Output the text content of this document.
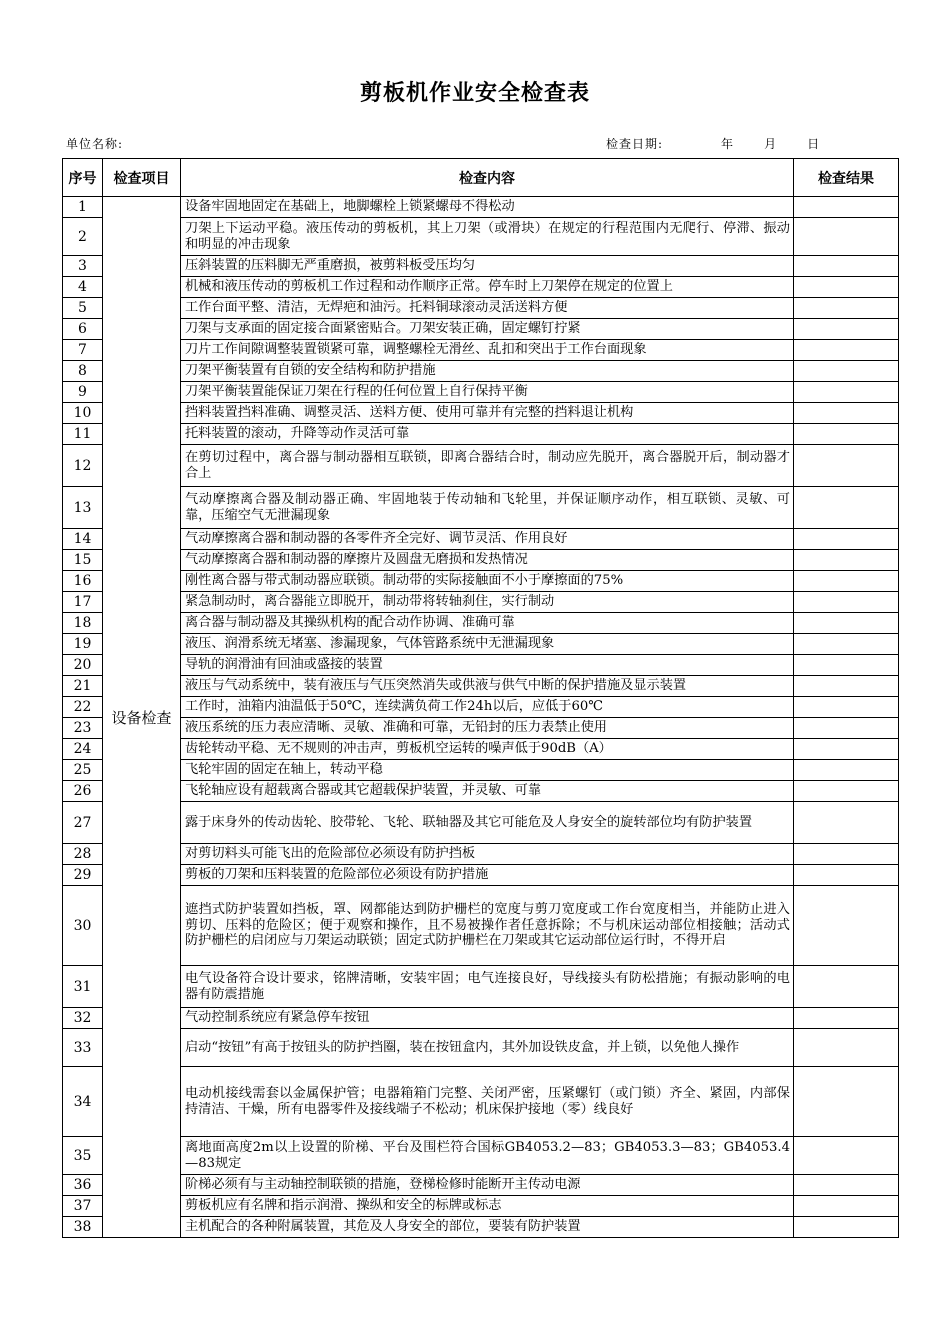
剪板机作业安全检查表
单位名称:	检查日期:	年	月	日
序号	检查项目	检查内容	检查结果
1	设备检查	设备牢固地固定在基础上，地脚螺栓上锁紧螺母不得松动	
2		刀架上下运动平稳。液压传动的剪板机，其上刀架（或滑块）在规定的行程范围内无爬行、停滞、振动和明显的冲击现象	
3		压斜装置的压料脚无严重磨损，被剪料板受压均匀	
4		机械和液压传动的剪板机工作过程和动作顺序正常。停车时上刀架停在规定的位置上	
5		工作台面平整、清洁，无焊疤和油污。托料铜球滚动灵活送料方便	
6		刀架与支承面的固定接合面紧密贴合。刀架安装正确，固定螺钉拧紧	
7		刀片工作间隙调整装置锁紧可靠，调整螺栓无滑丝、乱扣和突出于工作台面现象	
8		刀架平衡装置有自锁的安全结构和防护措施	
9		刀架平衡装置能保证刀架在行程的任何位置上自行保持平衡	
10		挡料装置挡料准确、调整灵活、送料方便、使用可靠并有完整的挡料退让机构	
11		托料装置的滚动，升降等动作灵活可靠	
12		在剪切过程中，离合器与制动器相互联锁，即离合器结合时，制动应先脱开，离合器脱开后，制动器才合上	
13		气动摩擦离合器及制动器正确、牢固地装于传动轴和飞轮里，并保证顺序动作，相互联锁、灵敏、可靠，压缩空气无泄漏现象	
14		气动摩擦离合器和制动器的各零件齐全完好、调节灵活、作用良好	
15		气动摩擦离合器和制动器的摩擦片及圆盘无磨损和发热情况	
16		刚性离合器与带式制动器应联锁。制动带的实际接触面不小于摩擦面的75%	
17		紧急制动时，离合器能立即脱开，制动带将转轴刹住，实行制动	
18		离合器与制动器及其操纵机构的配合动作协调、准确可靠	
19		液压、润滑系统无堵塞、渗漏现象，气体管路系统中无泄漏现象	
20		导轨的润滑油有回油或盛接的装置	
21		液压与气动系统中，装有液压与气压突然消失或供液与供气中断的保护措施及显示装置	
22		工作时，油箱内油温低于50℃，连续满负荷工作24h以后，应低于60℃	
23		液压系统的压力表应清晰、灵敏、准确和可靠，无铅封的压力表禁止使用	
24		齿轮转动平稳、无不规则的冲击声，剪板机空运转的噪声低于90dB（A）	
25		飞轮牢固的固定在轴上，转动平稳	
26		飞轮轴应设有超载离合器或其它超载保护装置，并灵敏、可靠	
27		露于床身外的传动齿轮、胶带轮、飞轮、联轴器及其它可能危及人身安全的旋转部位均有防护装置	
28		对剪切料头可能飞出的危险部位必须设有防护挡板	
29		剪板的刀架和压料装置的危险部位必须设有防护措施	
30		遮挡式防护装置如挡板，罩、网都能达到防护栅栏的宽度与剪刀宽度或工作台宽度相当，并能防止进入剪切、压料的危险区；便于观察和操作，且不易被操作者任意拆除；不与机床运动部位相接触；活动式防护栅栏的启闭应与刀架运动联锁；固定式防护栅栏在刀架或其它运动部位运行时，不得开启	
31		电气设备符合设计要求，铭牌清晰，安装牢固；电气连接良好，导线接头有防松措施；有振动影响的电器有防震措施	
32		气动控制系统应有紧急停车按钮	
33		启动“按钮”有高于按钮头的防护挡圈，装在按钮盒内，其外加设铁皮盒，并上锁，以免他人操作	
34		电动机接线需套以金属保护管；电器箱箱门完整、关闭严密，压紧螺钉（或门锁）齐全、紧固，内部保持清洁、干燥，所有电器零件及接线端子不松动；机床保护接地（零）线良好	
35		离地面高度2m以上设置的阶梯、平台及围栏符合国标GB4053.2—83；GB4053.3—83；GB4053.4—83规定	
36		阶梯必须有与主动轴控制联锁的措施，登梯检修时能断开主传动电源	
37		剪板机应有名牌和指示润滑、操纵和安全的标牌或标志	
38		主机配合的各种附属装置，其危及人身安全的部位，要装有防护装置	
